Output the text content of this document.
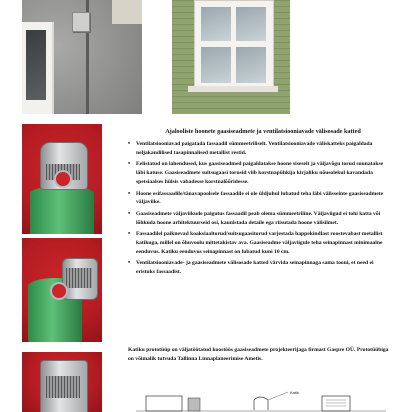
Ajalooliste hoonete gaasiseadmete ja ventilatsiooniavade välisosade katted
• Ventilatsiooniavad paigatada fassaadil sümmeetriliselt. Ventilatsiooniavade väliskatteks paigaldada neljakandilised tasapinnalised metallist restid.
• Eelistatud on lahendused, kus gaasiseadmed paigaldatakse hoone siseselt ja väljavõgu torud suunatakse läbi katuse. Gaasiseadmete suitsugaasi torusid viib korstnapühkija kirjaliku nõusolekul kavandada spetsiaalses hülsis vabadesse korstnalõõridesse.
• Hoone esifassaadile/tänavapoolsele fassaadile ei ole üldjuhul lubatud teha läbi välisseinte gaasiseadmete väljaviike.
• Gaasiseadmete väljaviikude paigutus fassaadil peab olema sümmeetriline. Väljaviigud ei tohi katta või lõhkuda hoone arhitektuurseid osi, kaunistada detaile ega riisutada hoone välisilmet.
• Fassaadilel paiknevad koaksiaaltorud/suitsugaasitorud varjestada happekindlast roostevabast metallist katikuga, millel on õhuvoolu mittetakistav ava. Gaasiseadme väljaviigule teha seinapinnast minimaalne eenduvus. Katiku eenduvus seinapinnast on lubatud kuni 10 cm.
• Ventilatsiooniavade- ja gaasiseadmete välisosade katted värvida seinapinnaga sama tooni, et need ei eristuks fassaadist.
Katiku prototüüp on väljatöötatud koostöös gaasiseadmete projekteerijaga firmast Gaspre OÜ. Prototüübiga on võimalik tutvuda Tallinna Linnaplaneerimise Ametis.
Katik
